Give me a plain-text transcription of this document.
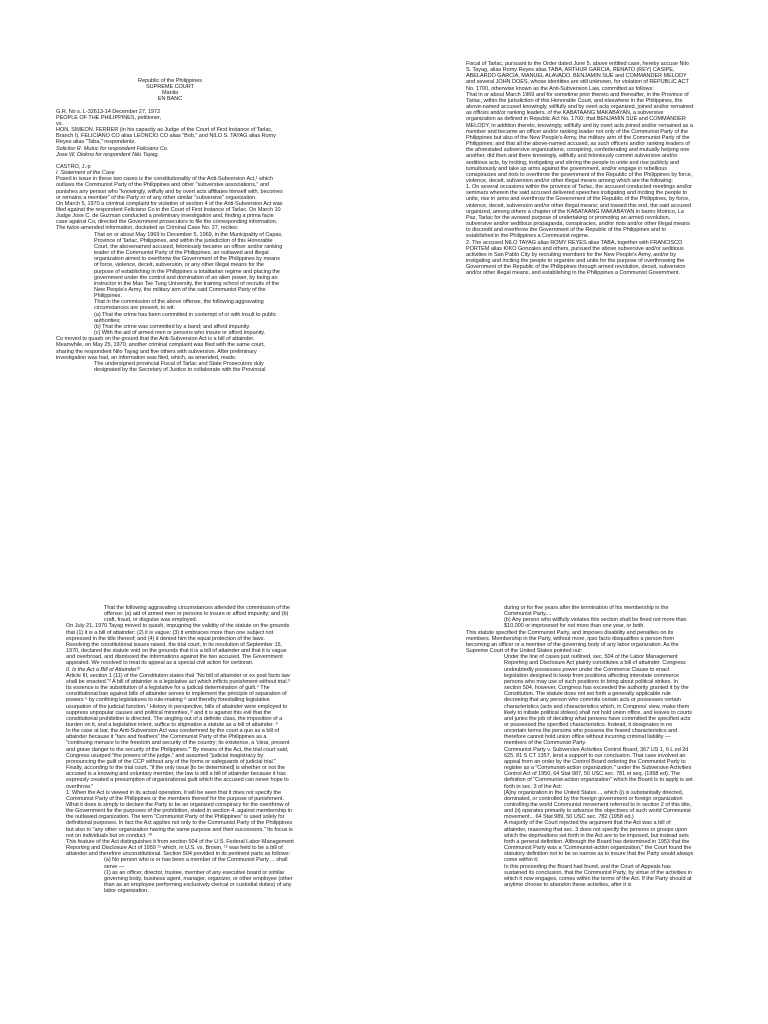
Republic of the Philippines
SUPREME COURT
Manila
EN BANC

G.R. No s. L-32613-14 December 27, 1972

PEOPLE OF THE PHILIPPINES, petitioner,
vs.
HON. SIMEON. FERRER (in his capacity as Judge of the Court of First Instance of Tarlac, Branch I), FELICIANO CO alias LEONCIO CO alias "Bob," and NILO S. TAYAG alias Romy Reyes alias "Taba," respondents.

Solicitor R. Mutuc for respondent Feliciano Co.
Jose W. Diokno for respondent Nilo Tayag.

CASTRO, J.:p

I. Statement of the Case

Posed in issue in these two cases is the constitutionality of the Anti-Subversion Act,¹ which outlaws the Communist Party of the Philippines and other "subversive associations," and punishes any person who "knowingly, wilfully and by overt acts affiliates himself with, becomes or remains a member" of the Party or of any other similar "subversive" organization.

On March 5, 1970 a criminal complaint for violation of section 4 of the Anti-Subversion Act was filed against the respondent Feliciano Co in the Court of First Instance of Tarlac. On March 10 Judge Jose C. de Guzman conducted a preliminary investigation and, finding a prima facie case against Co, directed the Government prosecutors to file the corresponding information. The twice-amended information, docketed as Criminal Case No. 27, recites:

That on or about May 1969 to December 5, 1969, in the Municipality of Capas, Province of Tarlac, Philippines, and within the jurisdiction of this Honorable Court, the abovenamed accused, feloniously became an officer and/or ranking leader of the Communist Party of the Philippines, an outlawed and illegal organization aimed to overthrow the Government of the Philippines by means of force, violence, deceit, subversion, or any other illegal means for the purpose of establishing in the Philippines a totalitarian regime and placing the government under the control and domination of an alien power, by being an instructor in the Mao Tse Tung University, the training school of recruits of the New People's Army, the military arm of the said Communist Party of the Philippines.

That in the commission of the above offense, the following aggravating circumstances are present, to wit:

(a) That the crime has been committed in contempt of or with insult to public authorities;
(b) That the crime was committed by a band; and afford impunity.
(c) With the aid of armed men or persons who insure or afford impunity.

Co moved to quash on the ground that the Anti-Subversion Act is a bill of attainder.

Meanwhile, on May 25, 1970, another criminal complaint was filed with the same court, sharing the respondent Nilo Tayag and five others with subversion. After preliminary investigation was had, an information was filed, which, as amended, reads:

The undersigned provincial Fiscal of Tarlac and State Prosecutors duly designated by the Secretary of Justice to collaborate with the Provincial

Fiscal of Tarlac, pursuant to the Order dated June 5, above entitled case, hereby accuse Nilo S. Tayag, alias Romy Reyes alias TABA, ARTHUR GARCIA, RENATO (REY) CASIPE, ABELARDO GARCIA, MANUEL ALAVADO, BENJAMIN SUE and COMMANDER MELODY and several JOHN DOES, whose identities are still unknown, for violation of REPUBLIC ACT No. 1700, otherwise known as the Anti-Subversion Law, committed as follows:

That in or about March 1969 and for sometime prior thereto and thereafter, in the Province of Tarlac, within the jurisdiction of this Honorable Court, and elsewhere in the Philippines, the above-named accused knowingly, willfully and by overt acts organized, joined and/or remained as offices and/or ranking leaders, of the KABATAANG MAKABAYAN, a subversive organization as defined in Republic Act No. 1700; that BENJAMIN SUE and COMMANDER MELODY, in addition thereto, knowingly, willfully and by overt acts joined and/or remained as a member and became an officer and/or ranking leader not only of the Communist Party of the Philippines but also of the New People's Army, the military arm of the Communist Party of the Philippines; and that all the above-named accused, as such officers and/or ranking leaders of the aforestated subversive organizations, conspiring, confederating and mutually helping one another, did then and there knowingly, willfully and feloniously commit subversive and/or seditious acts, by inciting, instigating and stirring the people to unite and rise publicly and tumultuously and take up arms against the government, and/or engage in rebellious conspiracies and riots to overthrow the government of the Republic of the Philippines by force, violence, deceit, subversion and/or other illegal means among which are the following:

1. On several occasions within the province of Tarlac, the accused conducted meetings and/or seminars wherein the said accused delivered speeches instigating and inciting the people to unite, rise in arms and overthrow the Government of the Republic of the Philippines, by force, violence, deceit, subversion and/or other illegal means; and toward this end, the said accused organized, among others a chapter of the KABATAANG MAKABAYAN in barrio Motrico, La Paz, Tarlac for the avowed purpose of undertaking or promoting an armed revolution, subversive and/or seditious propaganda, conspiracies, and/or riots and/or other illegal means to discredit and overthrow the Government of the Republic of the Philippines and to established in the Philippines a Communist regime.

2. The accused NILO TAYAG alias ROMY REYES alias TABA, together with FRANCISCO PORTEM alias KIKO Gonzales and others, pursued the above subversive and/or seditious activities in San Pablo City by recruiting members for the New People's Army, and/or by instigating and inciting the people to organize and unite for the purpose of overthrowing the Government of the Republic of the Philippines through armed revolution, deceit, subversion and/or other illegal means, and establishing in the Philippines a Communist Government.

That the following aggravating circumstances attended the commission of the offense: (a) aid of armed men or persons to insure or afford impunity; and (b) craft, fraud, or disguise was employed.

On July 21, 1970 Tayag moved to quash, impugning the validity of the statute on the grounds that (1) it is a bill of attainder; (2) it is vague; (3) it embraces more than one subject not expressed in the title thereof; and (4) it denied him the equal protection of the laws.

Resolving the constitutional issues raised, the trial court, in its resolution of September 15, 1970, declared the statute void on the grounds that it is a bill of attainder and that it is vague and overbroad, and dismissed the informations against the two accused. The Government appealed. We resolved to treat its appeal as a special civil action for certiorari.

II. Is the Act a Bill of Attainder?

Article III, section 1 (11) of the Constitution states that "No bill of attainder or ex post facto law shall be enacted."² A bill of attainder is a legislative act which inflicts punishment without trial.³ Its essence is the substitution of a legislative for a judicial determination of guilt.⁴ The constitutional ban against bills of attainder serves to implement the principle of separation of powers ⁵ by confining legislatures to rule-making ⁶ and thereby forestalling legislative usurpation of the judicial function.⁷ History in perspective, bills of attainder were employed to suppress unpopular causes and political minorities, ⁸ and it is against this evil that the constitutional prohibition is directed. The singling out of a definite class, the imposition of a burden on it, and a legislative intent, suffice to stigmatize a statute as a bill of attainder. ⁹

In the case at bar, the Anti-Subversion Act was condemned by the court a quo as a bill of attainder because it "tars and feathers" the Communist Party of the Philippines as a "continuing menace to the freedom and security of the country; its existence, a 'clear, present and grave danger to the security of the Philippines.'" By means of the Act, the trial court said, Congress usurped "the powers of the judge," and assumed "judicial magistracy by pronouncing the guilt of the CCP without any of the forms or safeguards of judicial trial." Finally, according to the trial court, "if the only issue [to be determined] is whether or not the accused is a knowing and voluntary member, the law is still a bill of attainder because it has expressly created a presumption of organizational guilt which the accused can never hope to overthrow."

1. When the Act is viewed in its actual operation, it will be seen that it does not specify the Communist Party of the Philippines or the members thereof for the purpose of punishment. What it does is simply to declare the Party to be an organized conspiracy for the overthrow of the Government for the purposes of the prohibition, stated in section 4, against membership in the outlawed organization. The term "Communist Party of the Philippines" is used solely for definitional purposes. In fact the Act applies not only to the Communist Party of the Philippines but also to "any other organization having the same purpose and their successors." Its focus is not on individuals but on conduct. ¹⁰

This feature of the Act distinguishes it from section 504 of the U.S. Federal Labor-Management Reporting and Disclosure Act of 1959 ¹¹ which, in U.S. vs. Brown, ¹² was held to be a bill of attainder and therefore unconstitutional. Section 504 provided in its pertinent parts as follows:

(a) No person who is or has been a member of the Communist Party ... shall serve —
(1) as an officer, director, trustee, member of any executive board or similar governing body, business agent, manager, organizer, or other employee (other than as an employee performing exclusively clerical or custodial duties) of any labor organization.

during or for five years after the termination of his membership in the Communist Party....

(b) Any person who willfully violates this section shall be fined not more than $10,000 or imprisoned for not more than one year, or both.

This statute specified the Communist Party, and imposes disability and penalties on its members. Membership in the Party, without more, ipso facto disqualifies a person from becoming an officer or a member of the governing body of any labor organization. As the Supreme Court of the United States pointed out:

Under the line of cases just outlined, sec. 504 of the Labor Management Reporting and Disclosure Act plainly constitutes a bill of attainder. Congress undoubtedly possesses power under the Commerce Clause to enact legislation designed to keep from positions affecting interstate commerce persons who may use of such positions to bring about political strikes. In section 504, however, Congress has exceeded the authority granted it by the Constitution. The statute does not set forth a generally applicable rule decreeing that any person who commits certain acts or possesses certain characteristics (acts and characteristics which, in Congress' view, make them likely to initiate political strikes) shall not hold union office, and leaves to courts and juries the job of deciding what persons have committed the specified acts or possessed the specified characteristics. Instead, it designates in no uncertain terms the persons who possess the feared characteristics and therefore cannot hold union office without incurring criminal liability — members of the Communist Party.

Communist Party v. Subversive Activities Control Board, 367 US 1, 6 L ed 2d 625, 81 S CT 1357, lend a support to our conclusion. That case involved an appeal from an order by the Control Board ordering the Communist Party to register as a "Communist-action organization," under the Subversive Activities Control Act of 1950, 64 Stat 987, 50 USC sec. 781 et seq. (1958 ed). The definition of "Communist-action organization" which the Board is to apply is set forth in sec. 3 of the Act:

[A]ny organization in the United States ... which (i) is substantially directed, dominated, or controlled by the foreign government or foreign organization controlling the world Communist movement referred to in section 2 of this title, and (ii) operates primarily to advance the objectives of such world Communist movement... 64 Stat 989, 50 USC sec. 782 (1958 ed.)

A majority of the Court rejected the argument that the Act was a bill of attainder, reasoning that sec. 3 does not specify the persons or groups upon which the deprivations set forth in the Act are to be imposed, but instead sets forth a general definition. Although the Board has determined in 1953 that the Communist Party was a "Communist-action organization," the Court found the statutory definition not to be so narrow as to insure that the Party would always come within it:

In this proceeding the Board had found, and the Court of Appeals has sustained its conclusion, that the Communist Party, by virtue of the activities in which it now engages, comes within the terms of the Act. If the Party should at anytime choose to abandon these activities, after it is
